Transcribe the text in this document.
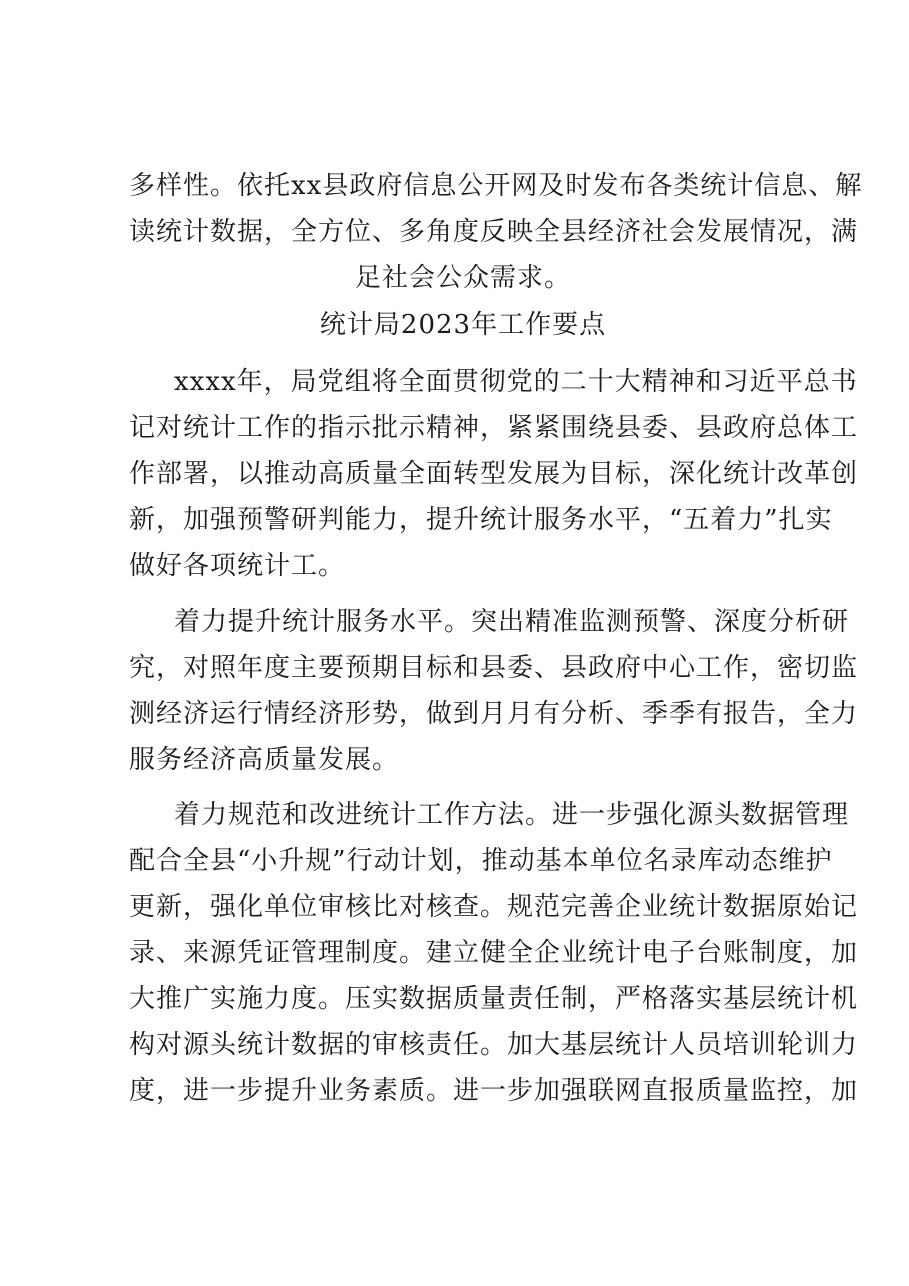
多样性。依托xx县政府信息公开网及时发布各类统计信息、解
读统计数据，全方位、多角度反映全县经济社会发展情况，满
足社会公众需求。
统计局2023年工作要点
xxxx年，局党组将全面贯彻党的二十大精神和习近平总书
记对统计工作的指示批示精神，紧紧围绕县委、县政府总体工
作部署，以推动高质量全面转型发展为目标，深化统计改革创
新，加强预警研判能力，提升统计服务水平，“五着力”扎实
做好各项统计工。
着力提升统计服务水平。突出精准监测预警、深度分析研
究，对照年度主要预期目标和县委、县政府中心工作，密切监
测经济运行情经济形势，做到月月有分析、季季有报告，全力
服务经济高质量发展。
着力规范和改进统计工作方法。进一步强化源头数据管理
配合全县“小升规”行动计划，推动基本单位名录库动态维护
更新，强化单位审核比对核查。规范完善企业统计数据原始记
录、来源凭证管理制度。建立健全企业统计电子台账制度，加
大推广实施力度。压实数据质量责任制，严格落实基层统计机
构对源头统计数据的审核责任。加大基层统计人员培训轮训力
度，进一步提升业务素质。进一步加强联网直报质量监控，加
